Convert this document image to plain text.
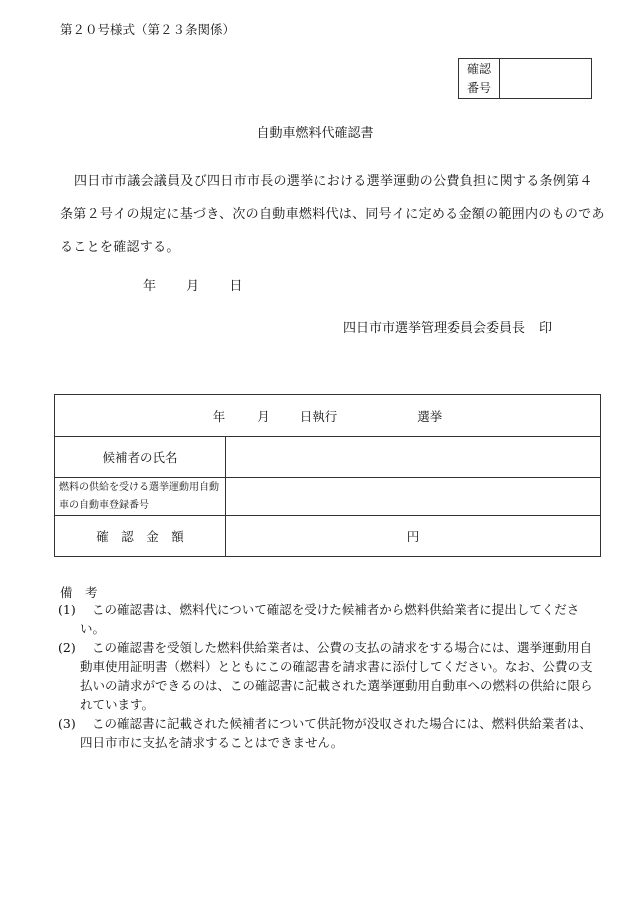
第２０号様式（第２３条関係）
確認
番号
自動車燃料代確認書
四日市市議会議員及び四日市市長の選挙における選挙運動の公費負担に関する条例第４条第２号イの規定に基づき、次の自動車燃料代は、同号イに定める金額の範囲内のものであることを確認する。
年 月 日
四日市市選挙管理委員会委員長 印
年 月 日執行 選挙	
候補者の氏名	
燃料の供給を受ける選挙運動用自動車の自動車登録番号	
確　認　金　額	円
備　考
(1)	この確認書は、燃料代について確認を受けた候補者から燃料供給業者に提出してください。
(2)	この確認書を受領した燃料供給業者は、公費の支払の請求をする場合には、選挙運動用自動車使用証明書（燃料）とともにこの確認書を請求書に添付してください。なお、公費の支払いの請求ができるのは、この確認書に記載された選挙運動用自動車への燃料の供給に限られています。
(3)	この確認書に記載された候補者について供託物が没収された場合には、燃料供給業者は、四日市市に支払を請求することはできません。
